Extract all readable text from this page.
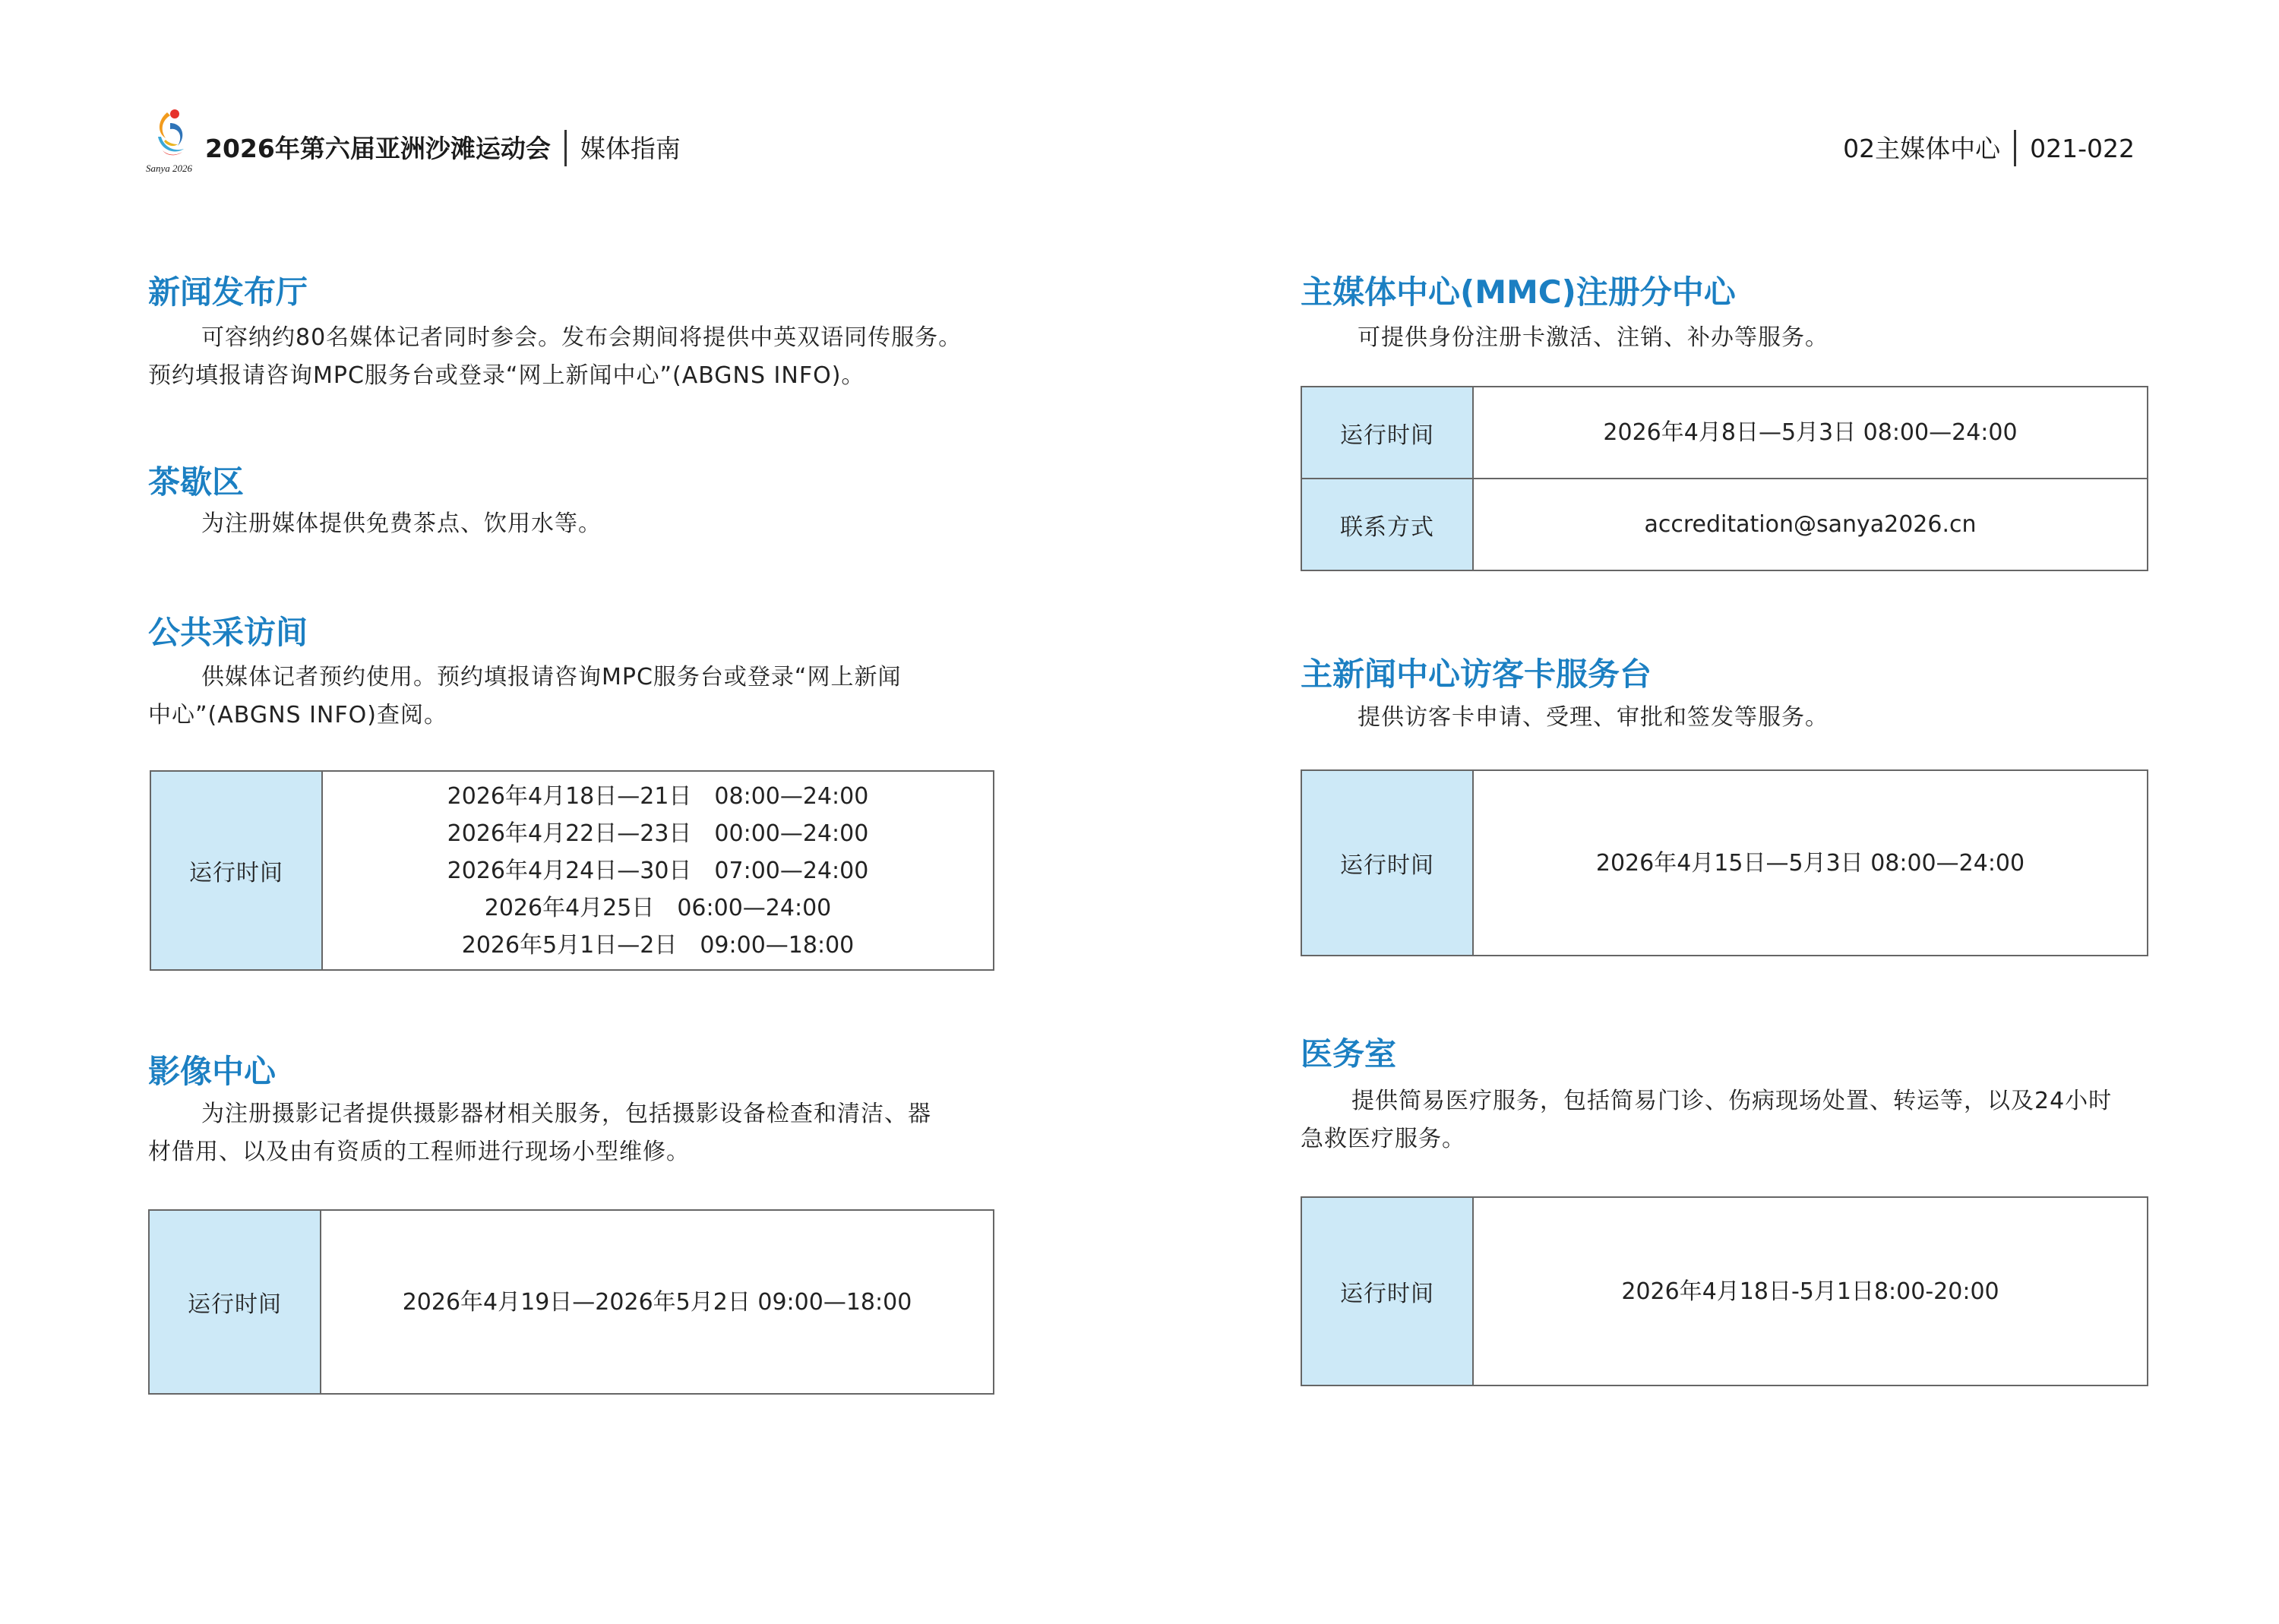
Sanya 2026
2026年第六届亚洲沙滩运动会 媒体指南	02主媒体中心 021-022
新闻发布厅
可容纳约80名媒体记者同时参会。发布会期间将提供中英双语同传服务。
预约填报请咨询MPC服务台或登录“网上新闻中心”(ABGNS INFO)。
茶歇区
为注册媒体提供免费茶点、饮用水等。
公共采访间
供媒体记者预约使用。预约填报请咨询MPC服务台或登录“网上新闻
中心”(ABGNS INFO)查阅。
运行时间
2026年4月18日—21日　08:00—24:00
2026年4月22日—23日　00:00—24:00
2026年4月24日—30日　07:00—24:00
2026年4月25日　06:00—24:00
2026年5月1日—2日　09:00—18:00
影像中心
为注册摄影记者提供摄影器材相关服务，包括摄影设备检查和清洁、器
材借用、以及由有资质的工程师进行现场小型维修。
运行时间	2026年4月19日—2026年5月2日 09:00—18:00
主媒体中心(MMC)注册分中心
可提供身份注册卡激活、注销、补办等服务。
运行时间	2026年4月8日—5月3日 08:00—24:00
联系方式	accreditation@sanya2026.cn
主新闻中心访客卡服务台
提供访客卡申请、受理、审批和签发等服务。
运行时间	2026年4月15日—5月3日 08:00—24:00
医务室
提供简易医疗服务，包括简易门诊、伤病现场处置、转运等，以及24小时
急救医疗服务。
运行时间	2026年4月18日-5月1日8:00-20:00
